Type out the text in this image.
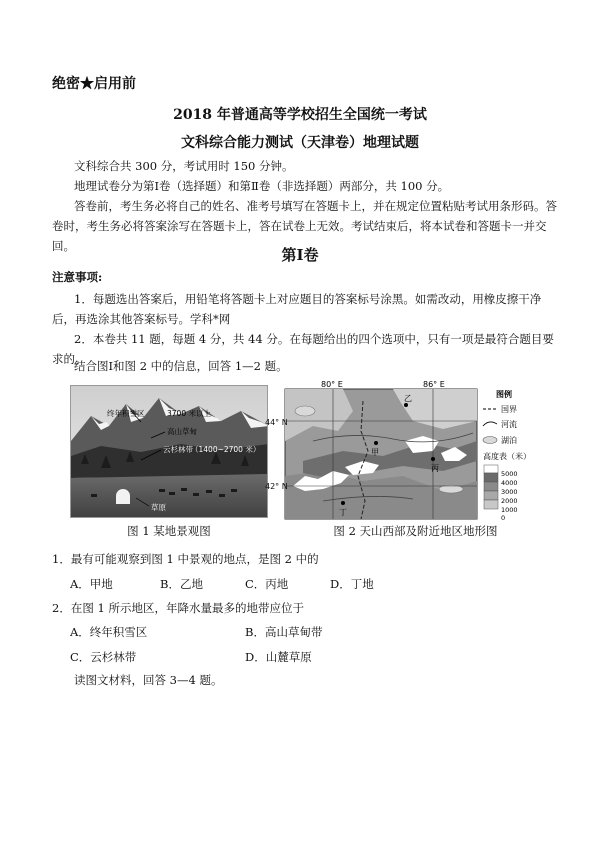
绝密★启用前
2018 年普通高等学校招生全国统一考试
文科综合能力测试（天津卷）地理试题
文科综合共 300 分，考试用时 150 分钟。
地理试卷分为第Ⅰ卷（选择题）和第Ⅱ卷（非选择题）两部分，共 100 分。
答卷前，考生务必将自己的姓名、准考号填写在答题卡上，并在规定位置粘贴考试用条形码。答卷时，考生务必将答案涂写在答题卡上，答在试卷上无效。考试结束后，将本试卷和答题卡一并交回。	第Ⅰ卷
注意事项:
1．每题选出答案后，用铅笔将答题卡上对应题目的答案标号涂黑。如需改动，用橡皮擦干净后，再选涂其他答案标号。学科*网
2．本卷共 11 题，每题 4 分，共 44 分。在每题给出的四个选项中，只有一项是最符合题目要求的。
结合图Ⅰ和图 2 中的信息，回答 1—2 题。
终年积雪区	3700 米以上
高山草甸
云杉林带
（1400~2700 米）
草原
图 1 某地景观图
80° E	86° E
乙
甲
丙
丁
图例
国界
河流
湖泊
高度表（米）
5000
4000
3000
2000
1000
0
44° N
42° N
图 2 天山西部及附近地区地形图
1．最有可能观察到图 1 中景观的地点，是图 2 中的
A．甲地	B．乙地	C．丙地	D．丁地
2．在图 1 所示地区，年降水量最多的地带应位于
A．终年积雪区	B．高山草甸带
C．云杉林带	D．山麓草原
读图文材料，回答 3—4 题。
